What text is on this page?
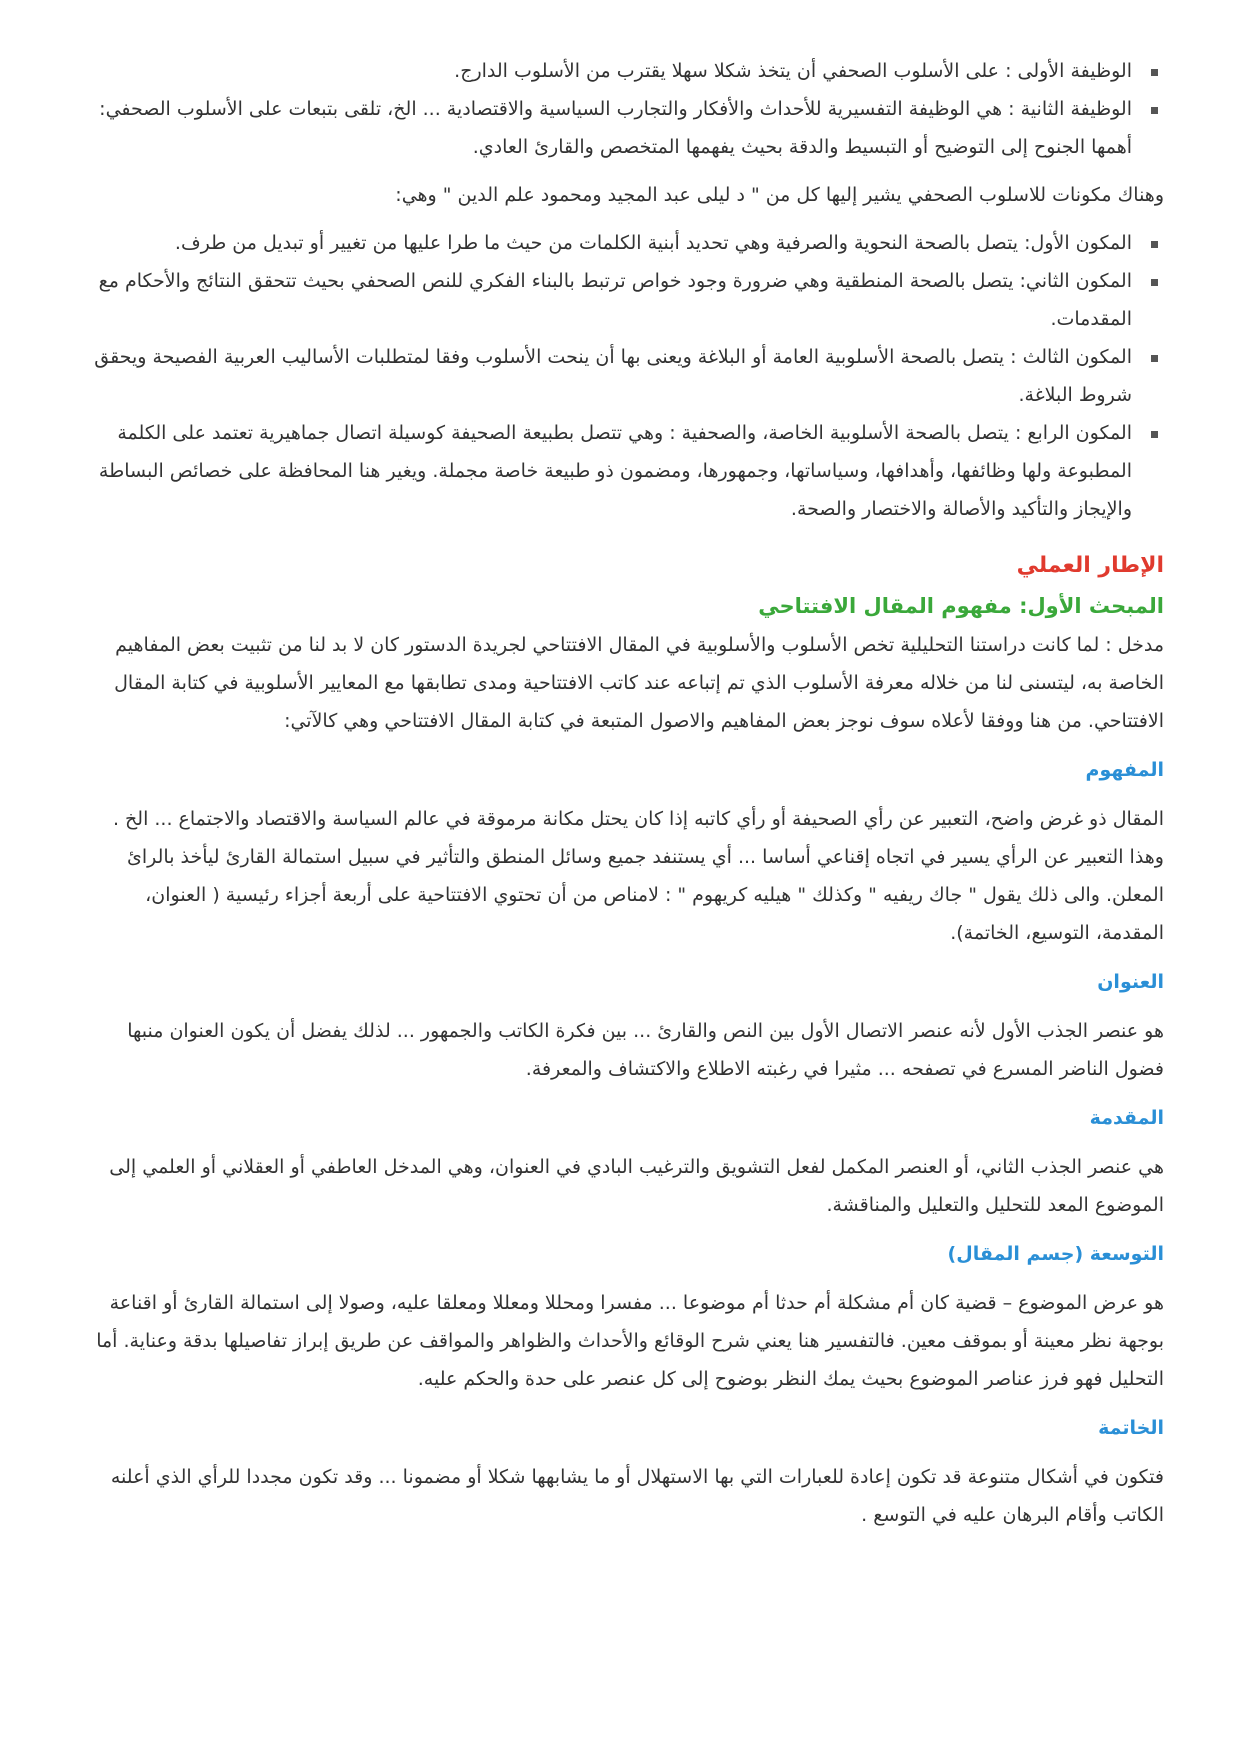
الوظيفة الأولى : على الأسلوب الصحفي أن يتخذ شكلا سهلا يقترب من الأسلوب الدارج.
الوظيفة الثانية : هي الوظيفة التفسيرية للأحداث والأفكار والتجارب السياسية والاقتصادية ... الخ، تلقى بتبعات على الأسلوب الصحفي: أهمها الجنوح إلى التوضيح أو التبسيط والدقة بحيث يفهمها المتخصص والقارئ العادي.

وهناك مكونات للاسلوب الصحفي يشير إليها كل من " د ليلى عبد المجيد ومحمود علم الدين " وهي:

المكون الأول: يتصل بالصحة النحوية والصرفية وهي تحديد أبنية الكلمات من حيث ما طرا عليها من تغيير أو تبديل من طرف.
المكون الثاني: يتصل بالصحة المنطقية وهي ضرورة وجود خواص ترتبط بالبناء الفكري للنص الصحفي بحيث تتحقق النتائج والأحكام مع المقدمات.
المكون الثالث : يتصل بالصحة الأسلوبية العامة أو البلاغة ويعنى بها أن ينحت الأسلوب وفقا لمتطلبات الأساليب العربية الفصيحة ويحقق شروط البلاغة.
المكون الرابع : يتصل بالصحة الأسلوبية الخاصة، والصحفية : وهي تتصل بطبيعة الصحيفة كوسيلة اتصال جماهيرية تعتمد على الكلمة المطبوعة ولها وظائفها، وأهدافها، وسياساتها، وجمهورها، ومضمون ذو طبيعة خاصة مجملة. ويغير هنا المحافظة على خصائص البساطة والإيجاز والتأكيد والأصالة والاختصار والصحة.
الإطار العملي
المبحث الأول: مفهوم المقال الافتتاحي

مدخل : لما كانت دراستنا التحليلية تخص الأسلوب والأسلوبية في المقال الافتتاحي لجريدة الدستور كان لا بد لنا من تثبيت بعض المفاهيم الخاصة به، ليتسنى لنا من خلاله معرفة الأسلوب الذي تم إتباعه عند كاتب الافتتاحية ومدى تطابقها مع المعايير الأسلوبية في كتابة المقال الافتتاحي. من هنا ووفقا لأعلاه سوف نوجز بعض المفاهيم والاصول المتبعة في كتابة المقال الافتتاحي وهي كالآتي:

المفهوم

المقال ذو غرض واضح، التعبير عن رأي الصحيفة أو رأي كاتبه إذا كان يحتل مكانة مرموقة في عالم السياسة والاقتصاد والاجتماع ... الخ . وهذا التعبير عن الرأي يسير في اتجاه إقناعي أساسا ... أي يستنفد جميع وسائل المنطق والتأثير في سبيل استمالة القارئ ليأخذ بالرائ المعلن. والى ذلك يقول " جاك ريفيه " وكذلك " هيليه كريهوم " : لامناص من أن تحتوي الافتتاحية على أربعة أجزاء رئيسية ( العنوان، المقدمة، التوسيع، الخاتمة).

العنوان

هو عنصر الجذب الأول لأنه عنصر الاتصال الأول بين النص والقارئ ... بين فكرة الكاتب والجمهور ... لذلك يفضل أن يكون العنوان منبها فضول الناضر المسرع في تصفحه ... مثيرا في رغبته الاطلاع والاكتشاف والمعرفة.

المقدمة

هي عنصر الجذب الثاني، أو العنصر المكمل لفعل التشويق والترغيب البادي في العنوان، وهي المدخل العاطفي أو العقلاني أو العلمي إلى الموضوع المعد للتحليل والتعليل والمناقشة.

التوسعة (جسم المقال)

هو عرض الموضوع – قضية كان أم مشكلة أم حدثا أم موضوعا ... مفسرا ومحللا ومعللا ومعلقا عليه، وصولا إلى استمالة القارئ أو اقناعة بوجهة نظر معينة أو بموقف معين. فالتفسير هنا يعني شرح الوقائع والأحداث والظواهر والمواقف عن طريق إبراز تفاصيلها بدقة وعناية. أما التحليل فهو فرز عناصر الموضوع بحيث يمك النظر بوضوح إلى كل عنصر على حدة والحكم عليه.

الخاتمة

فتكون في أشكال متنوعة قد تكون إعادة للعبارات التي بها الاستهلال أو ما يشابهها شكلا أو مضمونا ... وقد تكون مجددا للرأي الذي أعلنه الكاتب وأقام البرهان عليه في التوسع .
